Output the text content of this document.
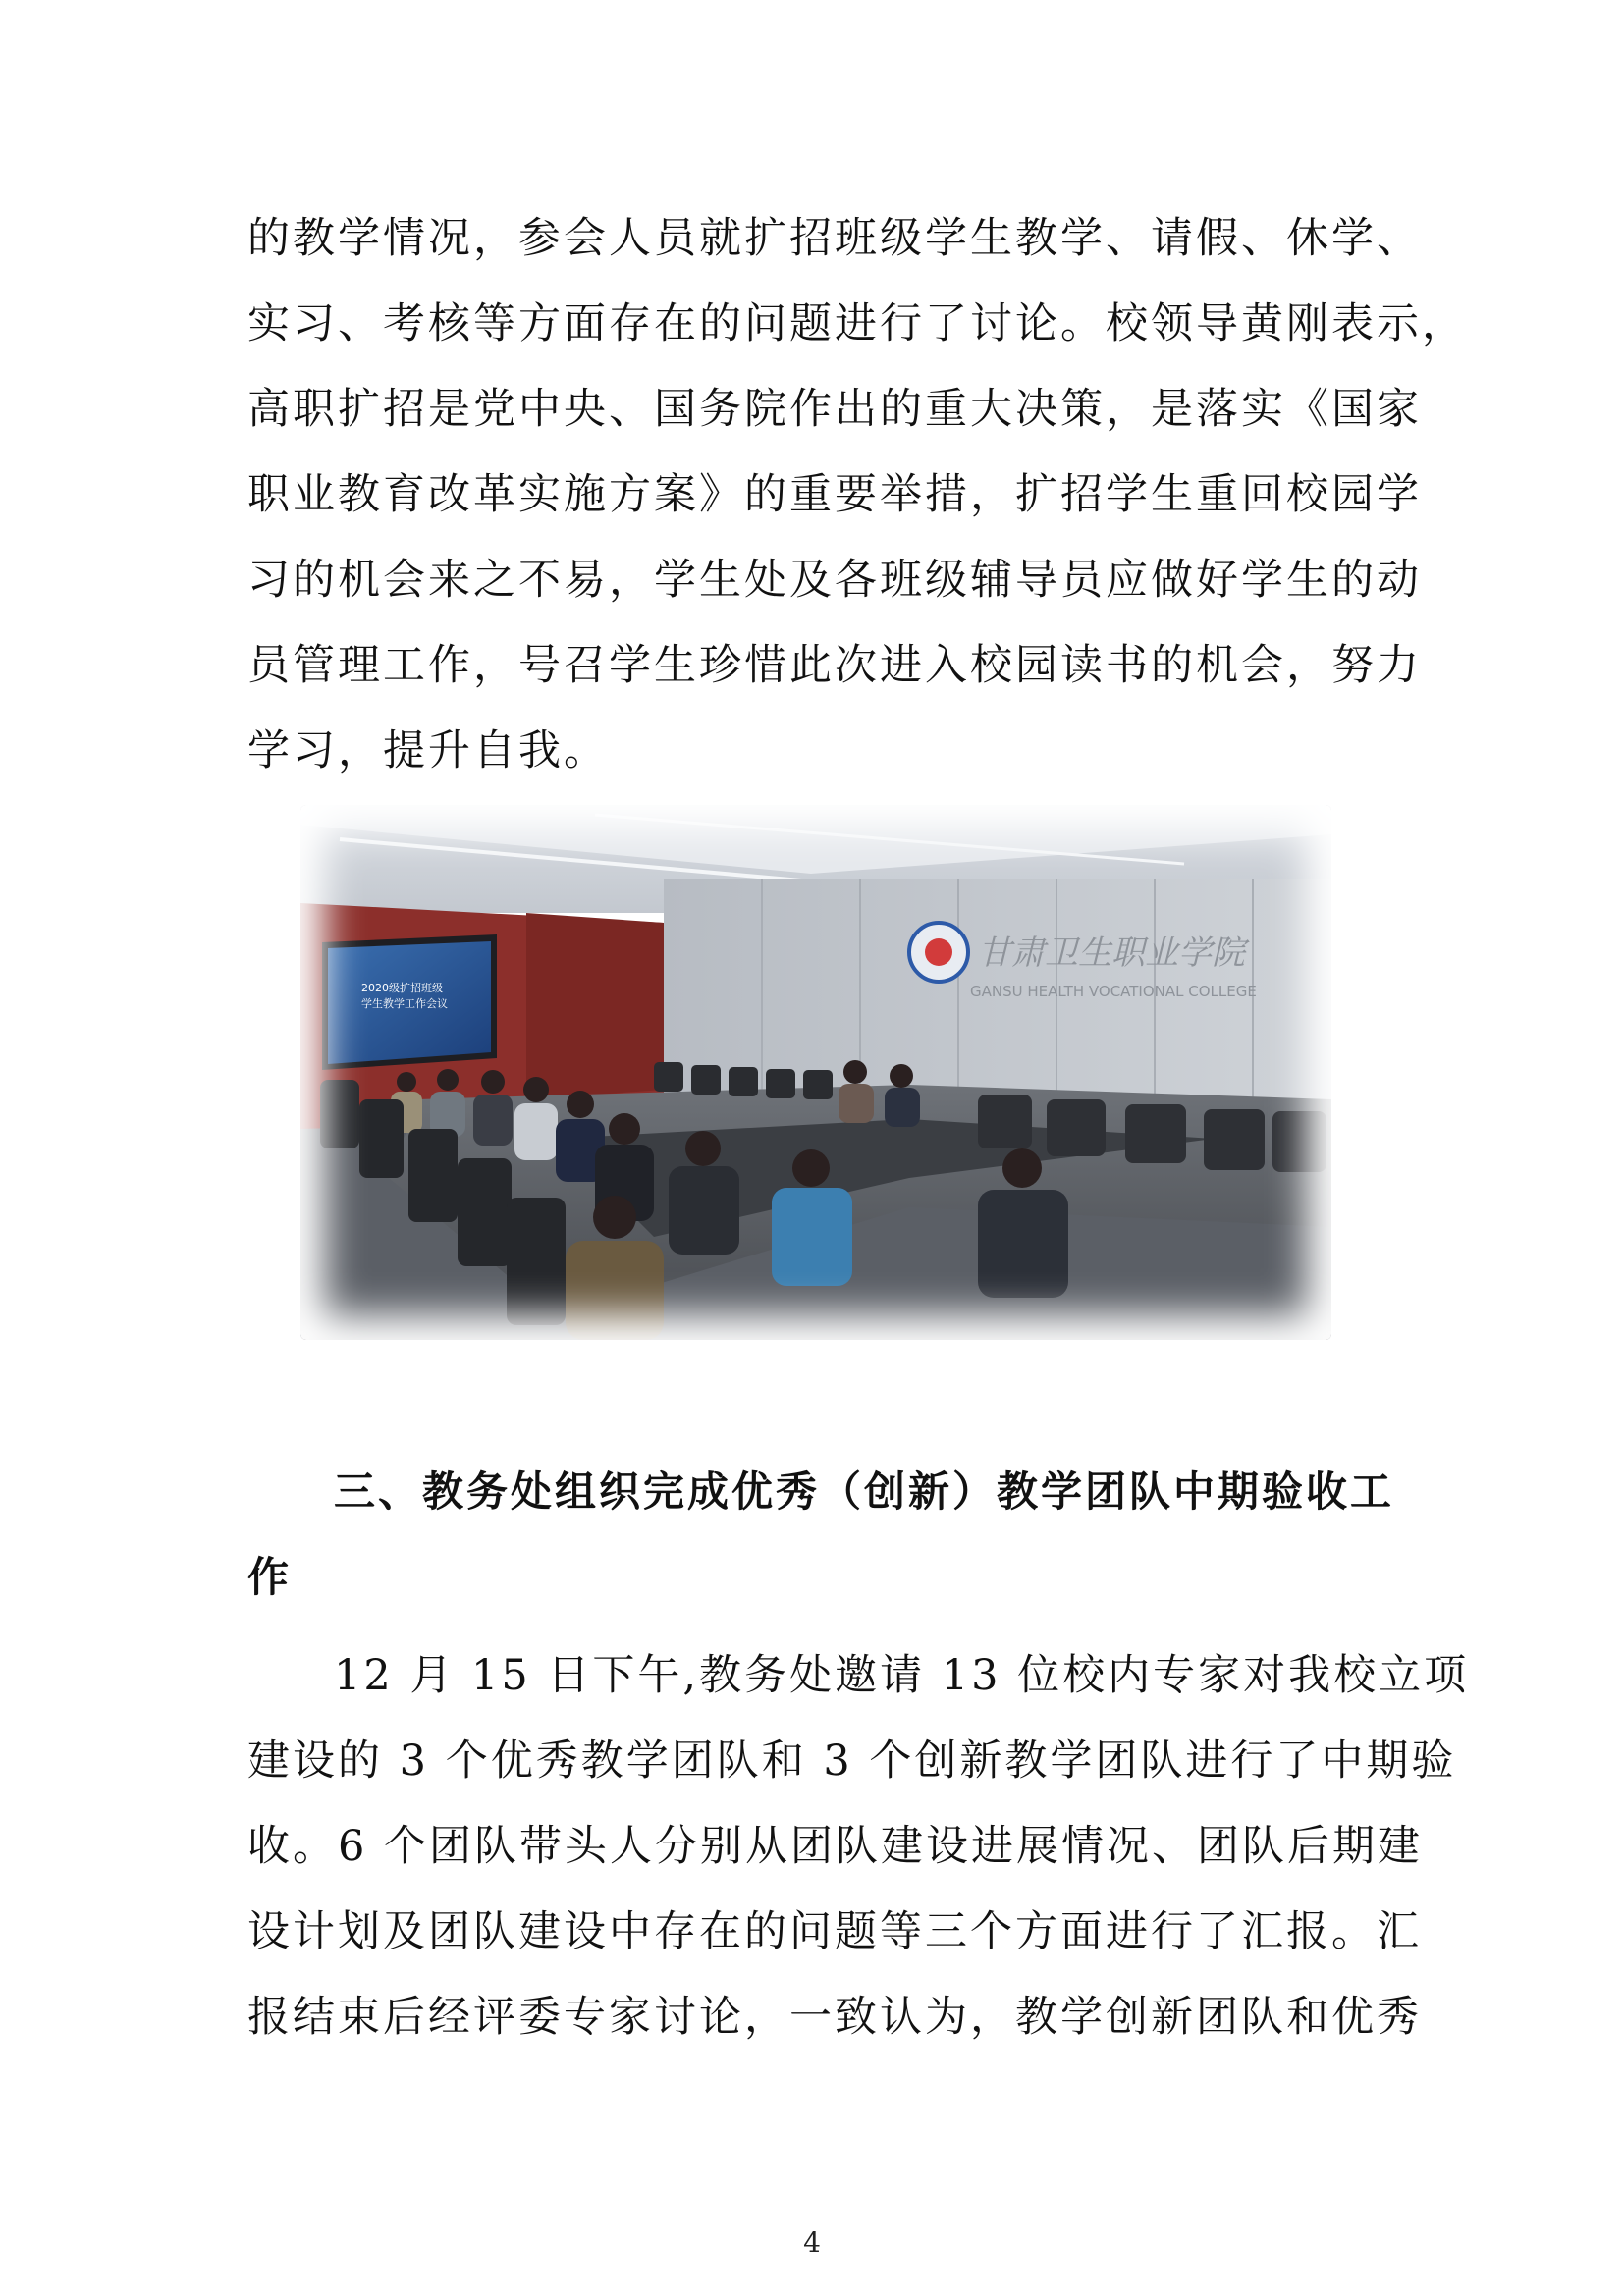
的教学情况，参会人员就扩招班级学生教学、请假、休学、
实习、考核等方面存在的问题进行了讨论。校领导黄刚表示，
高职扩招是党中央、国务院作出的重大决策，是落实《国家
职业教育改革实施方案》的重要举措，扩招学生重回校园学
习的机会来之不易，学生处及各班级辅导员应做好学生的动
员管理工作，号召学生珍惜此次进入校园读书的机会，努力
学习，提升自我。
甘肃卫生职业学院
GANSU HEALTH VOCATIONAL COLLEGE
2020级扩招班级
学生教学工作会议
三、教务处组织完成优秀（创新）教学团队中期验收工
作
12 月 15 日下午,教务处邀请 13 位校内专家对我校立项
建设的 3 个优秀教学团队和 3 个创新教学团队进行了中期验
收。6 个团队带头人分别从团队建设进展情况、团队后期建
设计划及团队建设中存在的问题等三个方面进行了汇报。汇
报结束后经评委专家讨论，一致认为，教学创新团队和优秀
4
